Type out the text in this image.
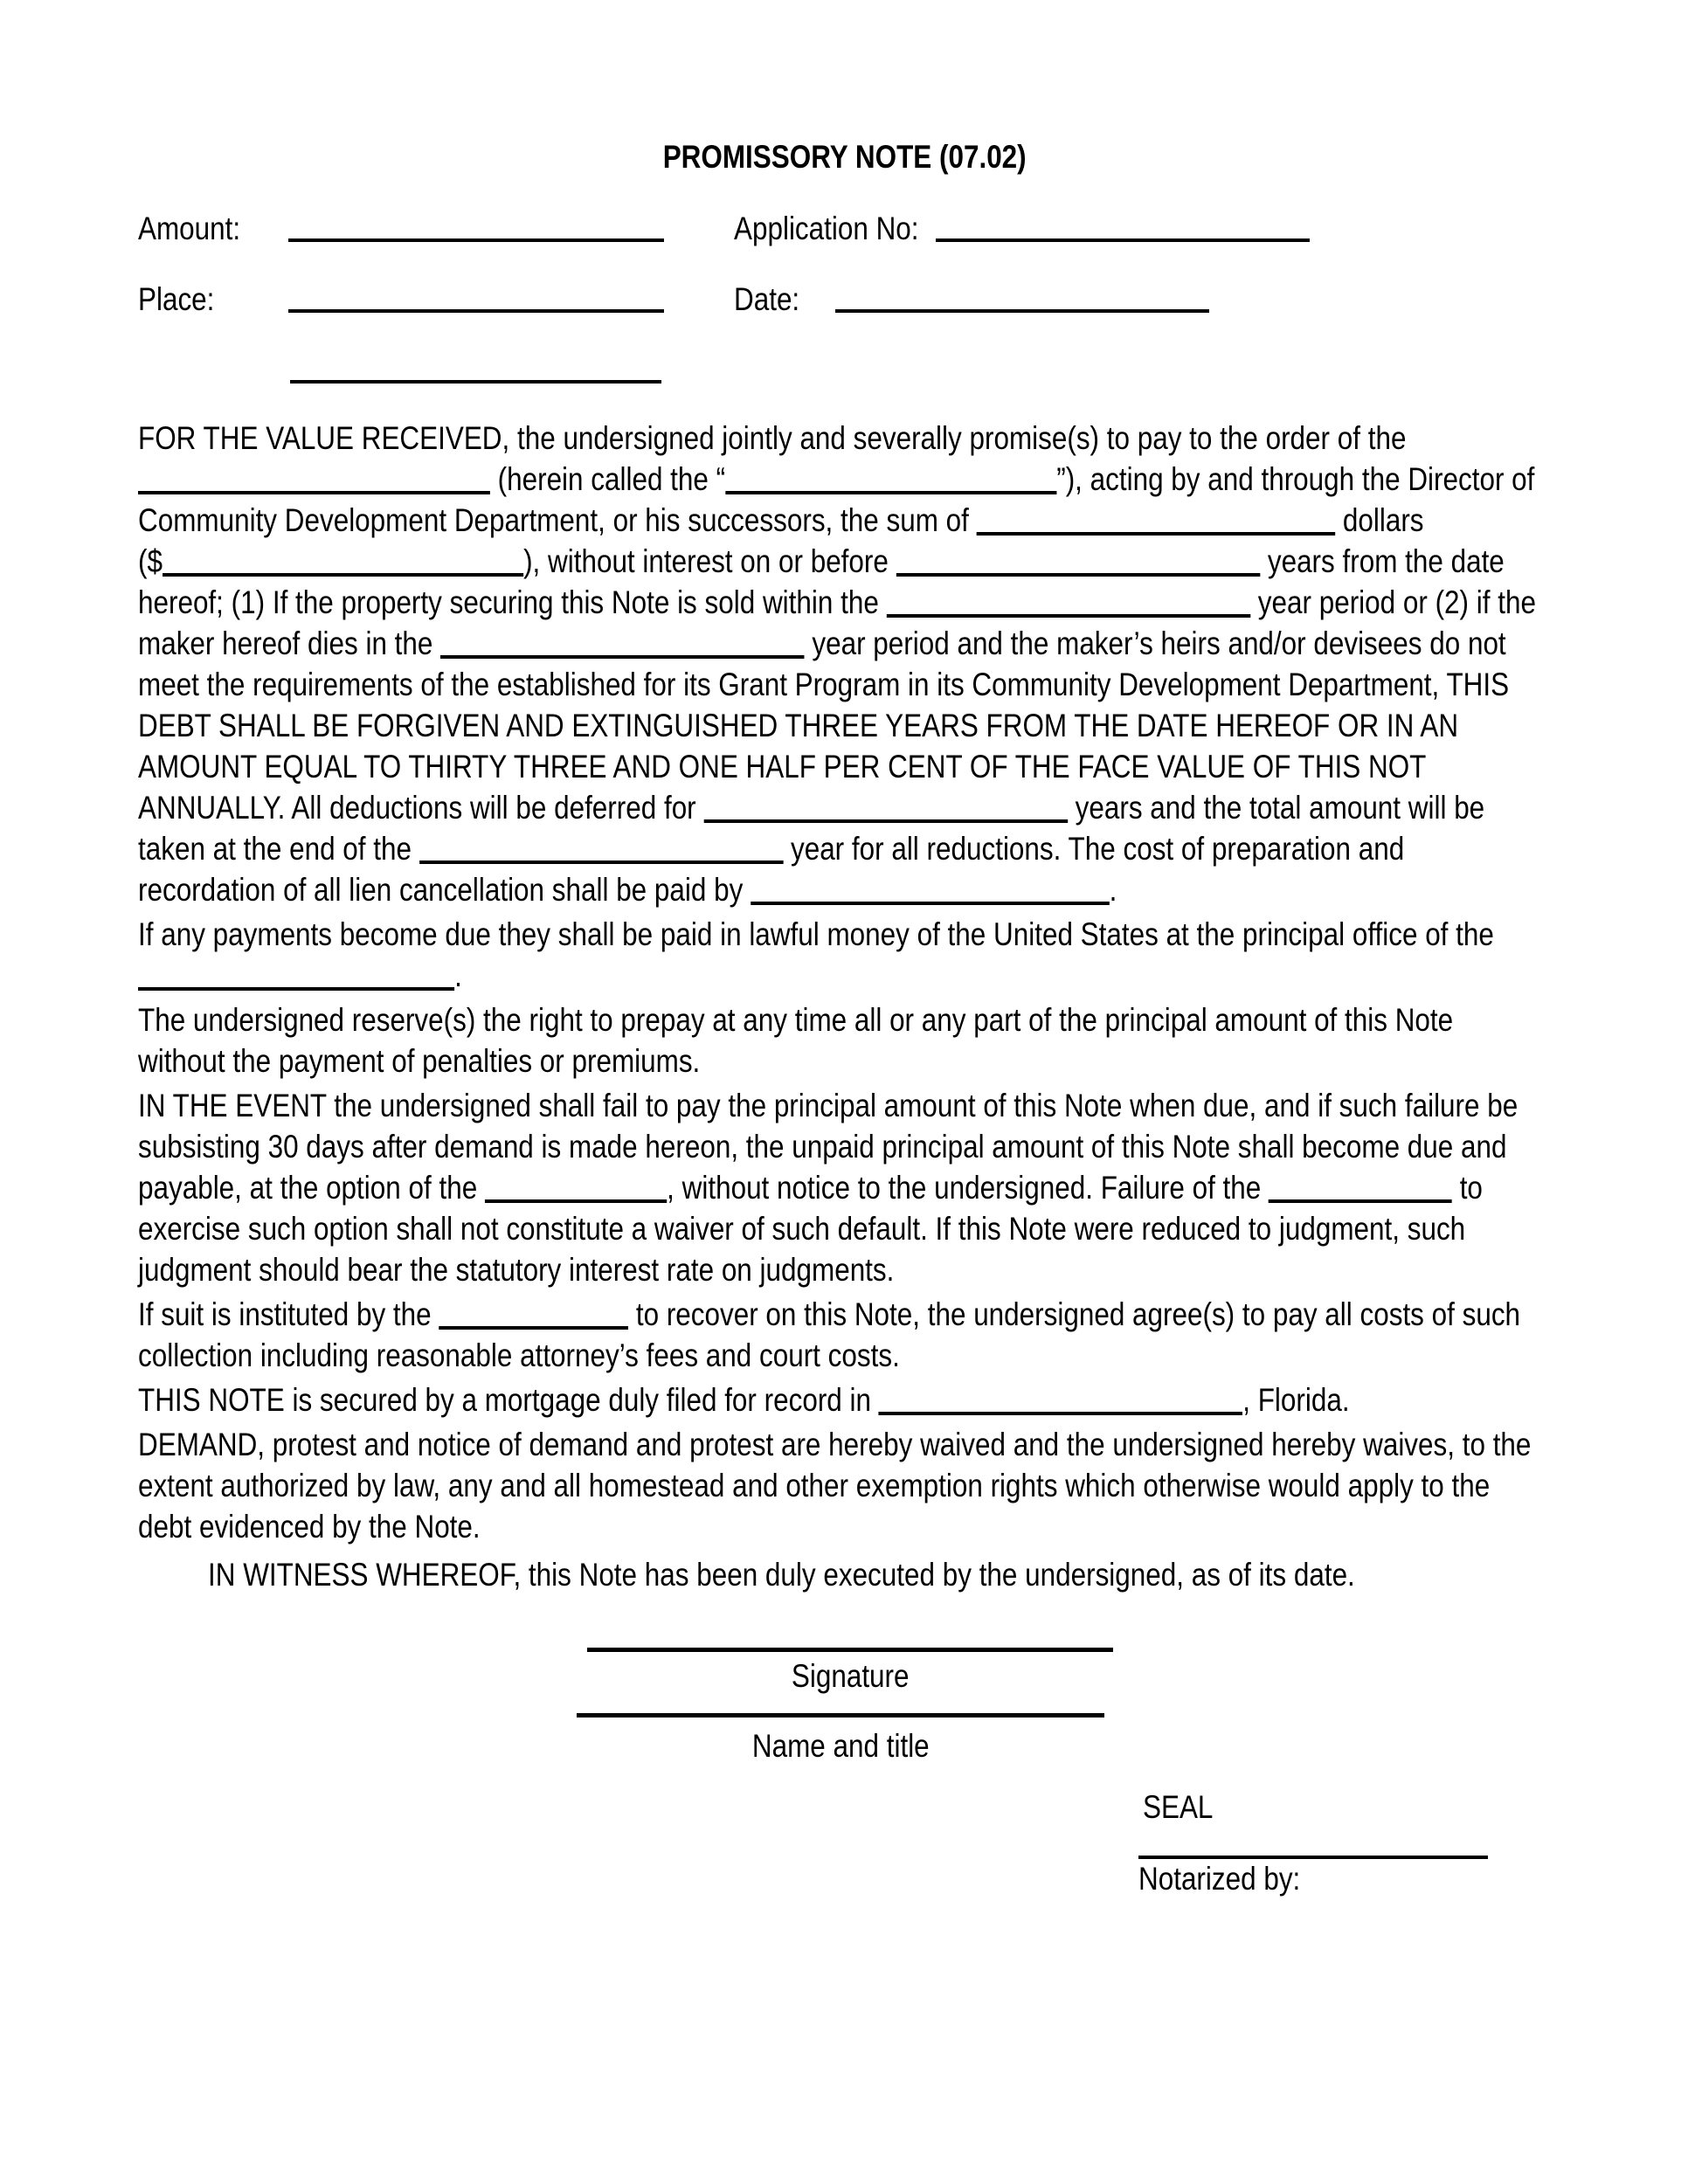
PROMISSORY NOTE (07.02)
Amount:	Application No:
Place:	Date:
FOR THE VALUE RECEIVED, the undersigned jointly and severally promise(s) to pay to the order of the
(herein called the “	”), acting by and through the Director of
Community Development Department, or his successors, the sum of	dollars
($	), without interest on or before	years from the date
hereof; (1) If the property securing this Note is sold within the	year period or (2) if the
maker hereof dies in the	year period and the maker’s heirs and/or devisees do not
meet the requirements of the established for its Grant Program in its Community Development Department, THIS
DEBT SHALL BE FORGIVEN AND EXTINGUISHED THREE YEARS FROM THE DATE HEREOF OR IN AN
AMOUNT EQUAL TO THIRTY THREE AND ONE HALF PER CENT OF THE FACE VALUE OF THIS NOT
ANNUALLY. All deductions will be deferred for	years and the total amount will be
taken at the end of the	year for all reductions. The cost of preparation and
recordation of all lien cancellation shall be paid by	.
If any payments become due they shall be paid in lawful money of the United States at the principal office of the
.
The undersigned reserve(s) the right to prepay at any time all or any part of the principal amount of this Note
without the payment of penalties or premiums.
IN THE EVENT the undersigned shall fail to pay the principal amount of this Note when due, and if such failure be
subsisting 30 days after demand is made hereon, the unpaid principal amount of this Note shall become due and
payable, at the option of the	, without notice to the undersigned. Failure of the	to
exercise such option shall not constitute a waiver of such default. If this Note were reduced to judgment, such
judgment should bear the statutory interest rate on judgments.
If suit is instituted by the	to recover on this Note, the undersigned agree(s) to pay all costs of such
collection including reasonable attorney’s fees and court costs.
THIS NOTE is secured by a mortgage duly filed for record in	, Florida.
DEMAND, protest and notice of demand and protest are hereby waived and the undersigned hereby waives, to the
extent authorized by law, any and all homestead and other exemption rights which otherwise would apply to the
debt evidenced by the Note.
IN WITNESS WHEREOF, this Note has been duly executed by the undersigned, as of its date.
Signature
Name and title
SEAL
Notarized by:
